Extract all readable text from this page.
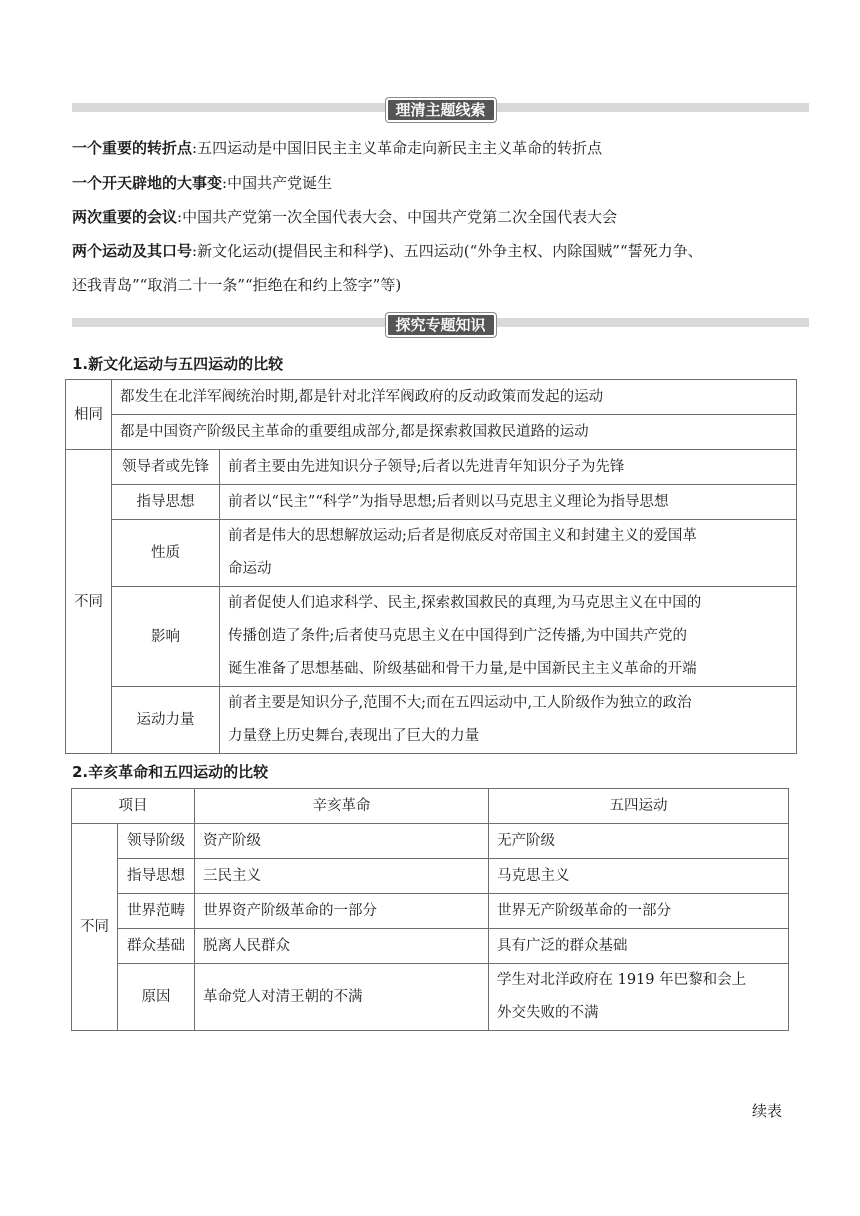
理清主题线索
一个重要的转折点:五四运动是中国旧民主主义革命走向新民主主义革命的转折点
一个开天辟地的大事变:中国共产党诞生
两次重要的会议:中国共产党第一次全国代表大会、中国共产党第二次全国代表大会
两个运动及其口号:新文化运动(提倡民主和科学)、五四运动(“外争主权、内除国贼”“誓死力争、
还我青岛”“取消二十一条”“拒绝在和约上签字”等)
探究专题知识
1.新文化运动与五四运动的比较
相同	都发生在北洋军阀统治时期,都是针对北洋军阀政府的反动政策而发起的运动	
	都是中国资产阶级民主革命的重要组成部分,都是探索救国救民道路的运动	
不同	领导者或先锋	前者主要由先进知识分子领导;后者以先进青年知识分子为先锋
	指导思想	前者以“民主”“科学”为指导思想;后者则以马克思主义理论为指导思想
	性质	前者是伟大的思想解放运动;后者是彻底反对帝国主义和封建主义的爱国革
命运动

	影响	前者促使人们追求科学、民主,探索救国救民的真理,为马克思主义在中国的
传播创造了条件;后者使马克思主义在中国得到广泛传播,为中国共产党的
诞生准备了思想基础、阶级基础和骨干力量,是中国新民主主义革命的开端

	运动力量	前者主要是知识分子,范围不大;而在五四运动中,工人阶级作为独立的政治
力量登上历史舞台,表现出了巨大的力量
2.辛亥革命和五四运动的比较
项目		辛亥革命	五四运动
不同	领导阶级	资产阶级	无产阶级
	指导思想	三民主义	马克思主义
	世界范畴	世界资产阶级革命的一部分	世界无产阶级革命的一部分
	群众基础	脱离人民群众	具有广泛的群众基础
	原因	革命党人对清王朝的不满	学生对北洋政府在 1919 年巴黎和会上
外交失败的不满
续表
